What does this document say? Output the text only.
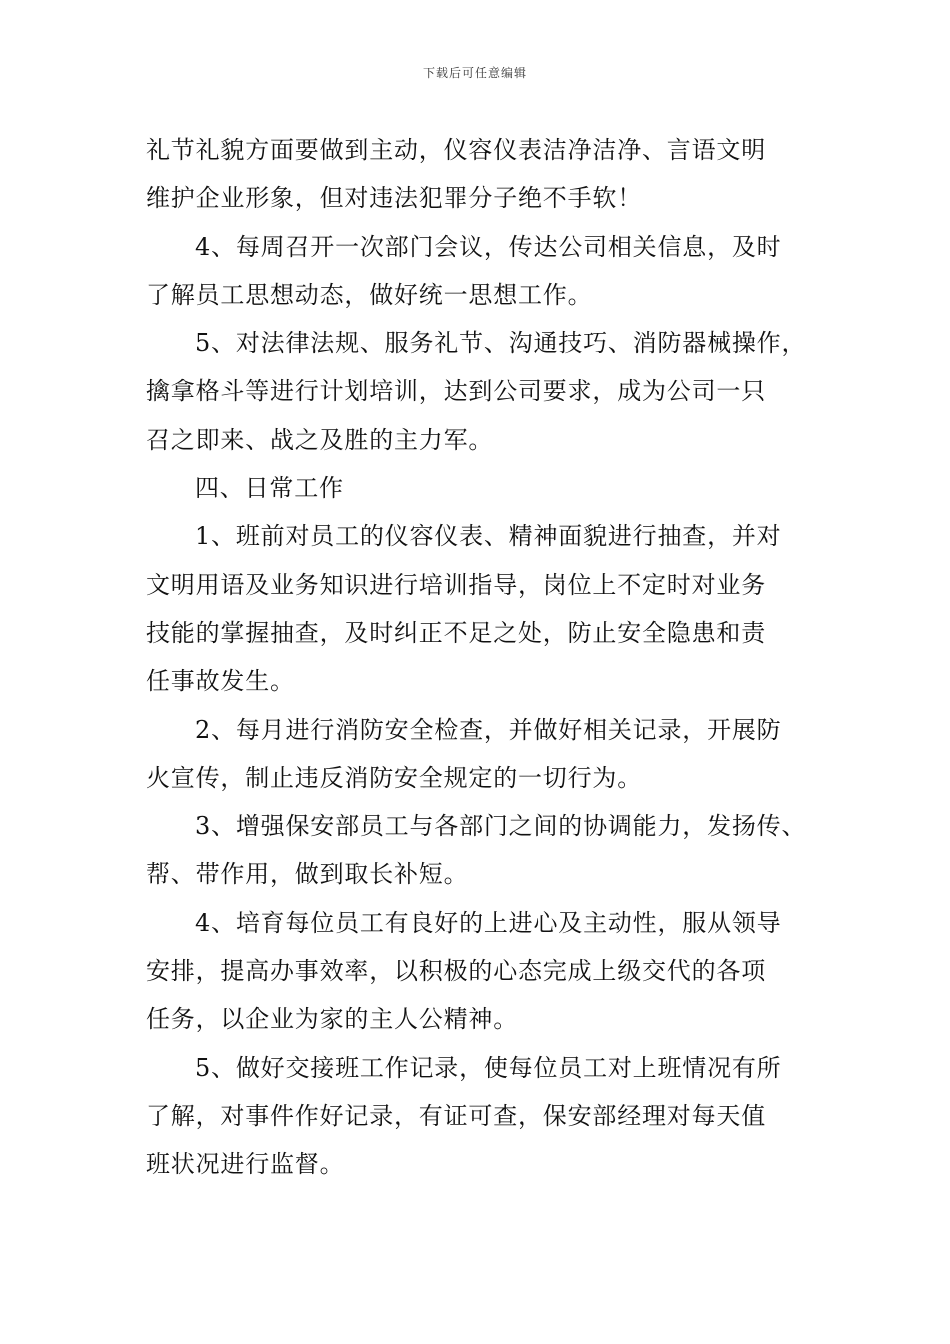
下载后可任意编辑
礼节礼貌方面要做到主动，仪容仪表洁净洁净、言语文明
维护企业形象，但对违法犯罪分子绝不手软！
4、每周召开一次部门会议，传达公司相关信息，及时
了解员工思想动态，做好统一思想工作。
5、对法律法规、服务礼节、沟通技巧、消防器械操作，
擒拿格斗等进行计划培训，达到公司要求，成为公司一只
召之即来、战之及胜的主力军。
四、日常工作
1、班前对员工的仪容仪表、精神面貌进行抽查，并对
文明用语及业务知识进行培训指导，岗位上不定时对业务
技能的掌握抽查，及时纠正不足之处，防止安全隐患和责
任事故发生。
2、每月进行消防安全检查，并做好相关记录，开展防
火宣传，制止违反消防安全规定的一切行为。
3、增强保安部员工与各部门之间的协调能力，发扬传、
帮、带作用，做到取长补短。
4、培育每位员工有良好的上进心及主动性，服从领导
安排，提高办事效率，以积极的心态完成上级交代的各项
任务，以企业为家的主人公精神。
5、做好交接班工作记录，使每位员工对上班情况有所
了解，对事件作好记录，有证可查，保安部经理对每天值
班状况进行监督。
